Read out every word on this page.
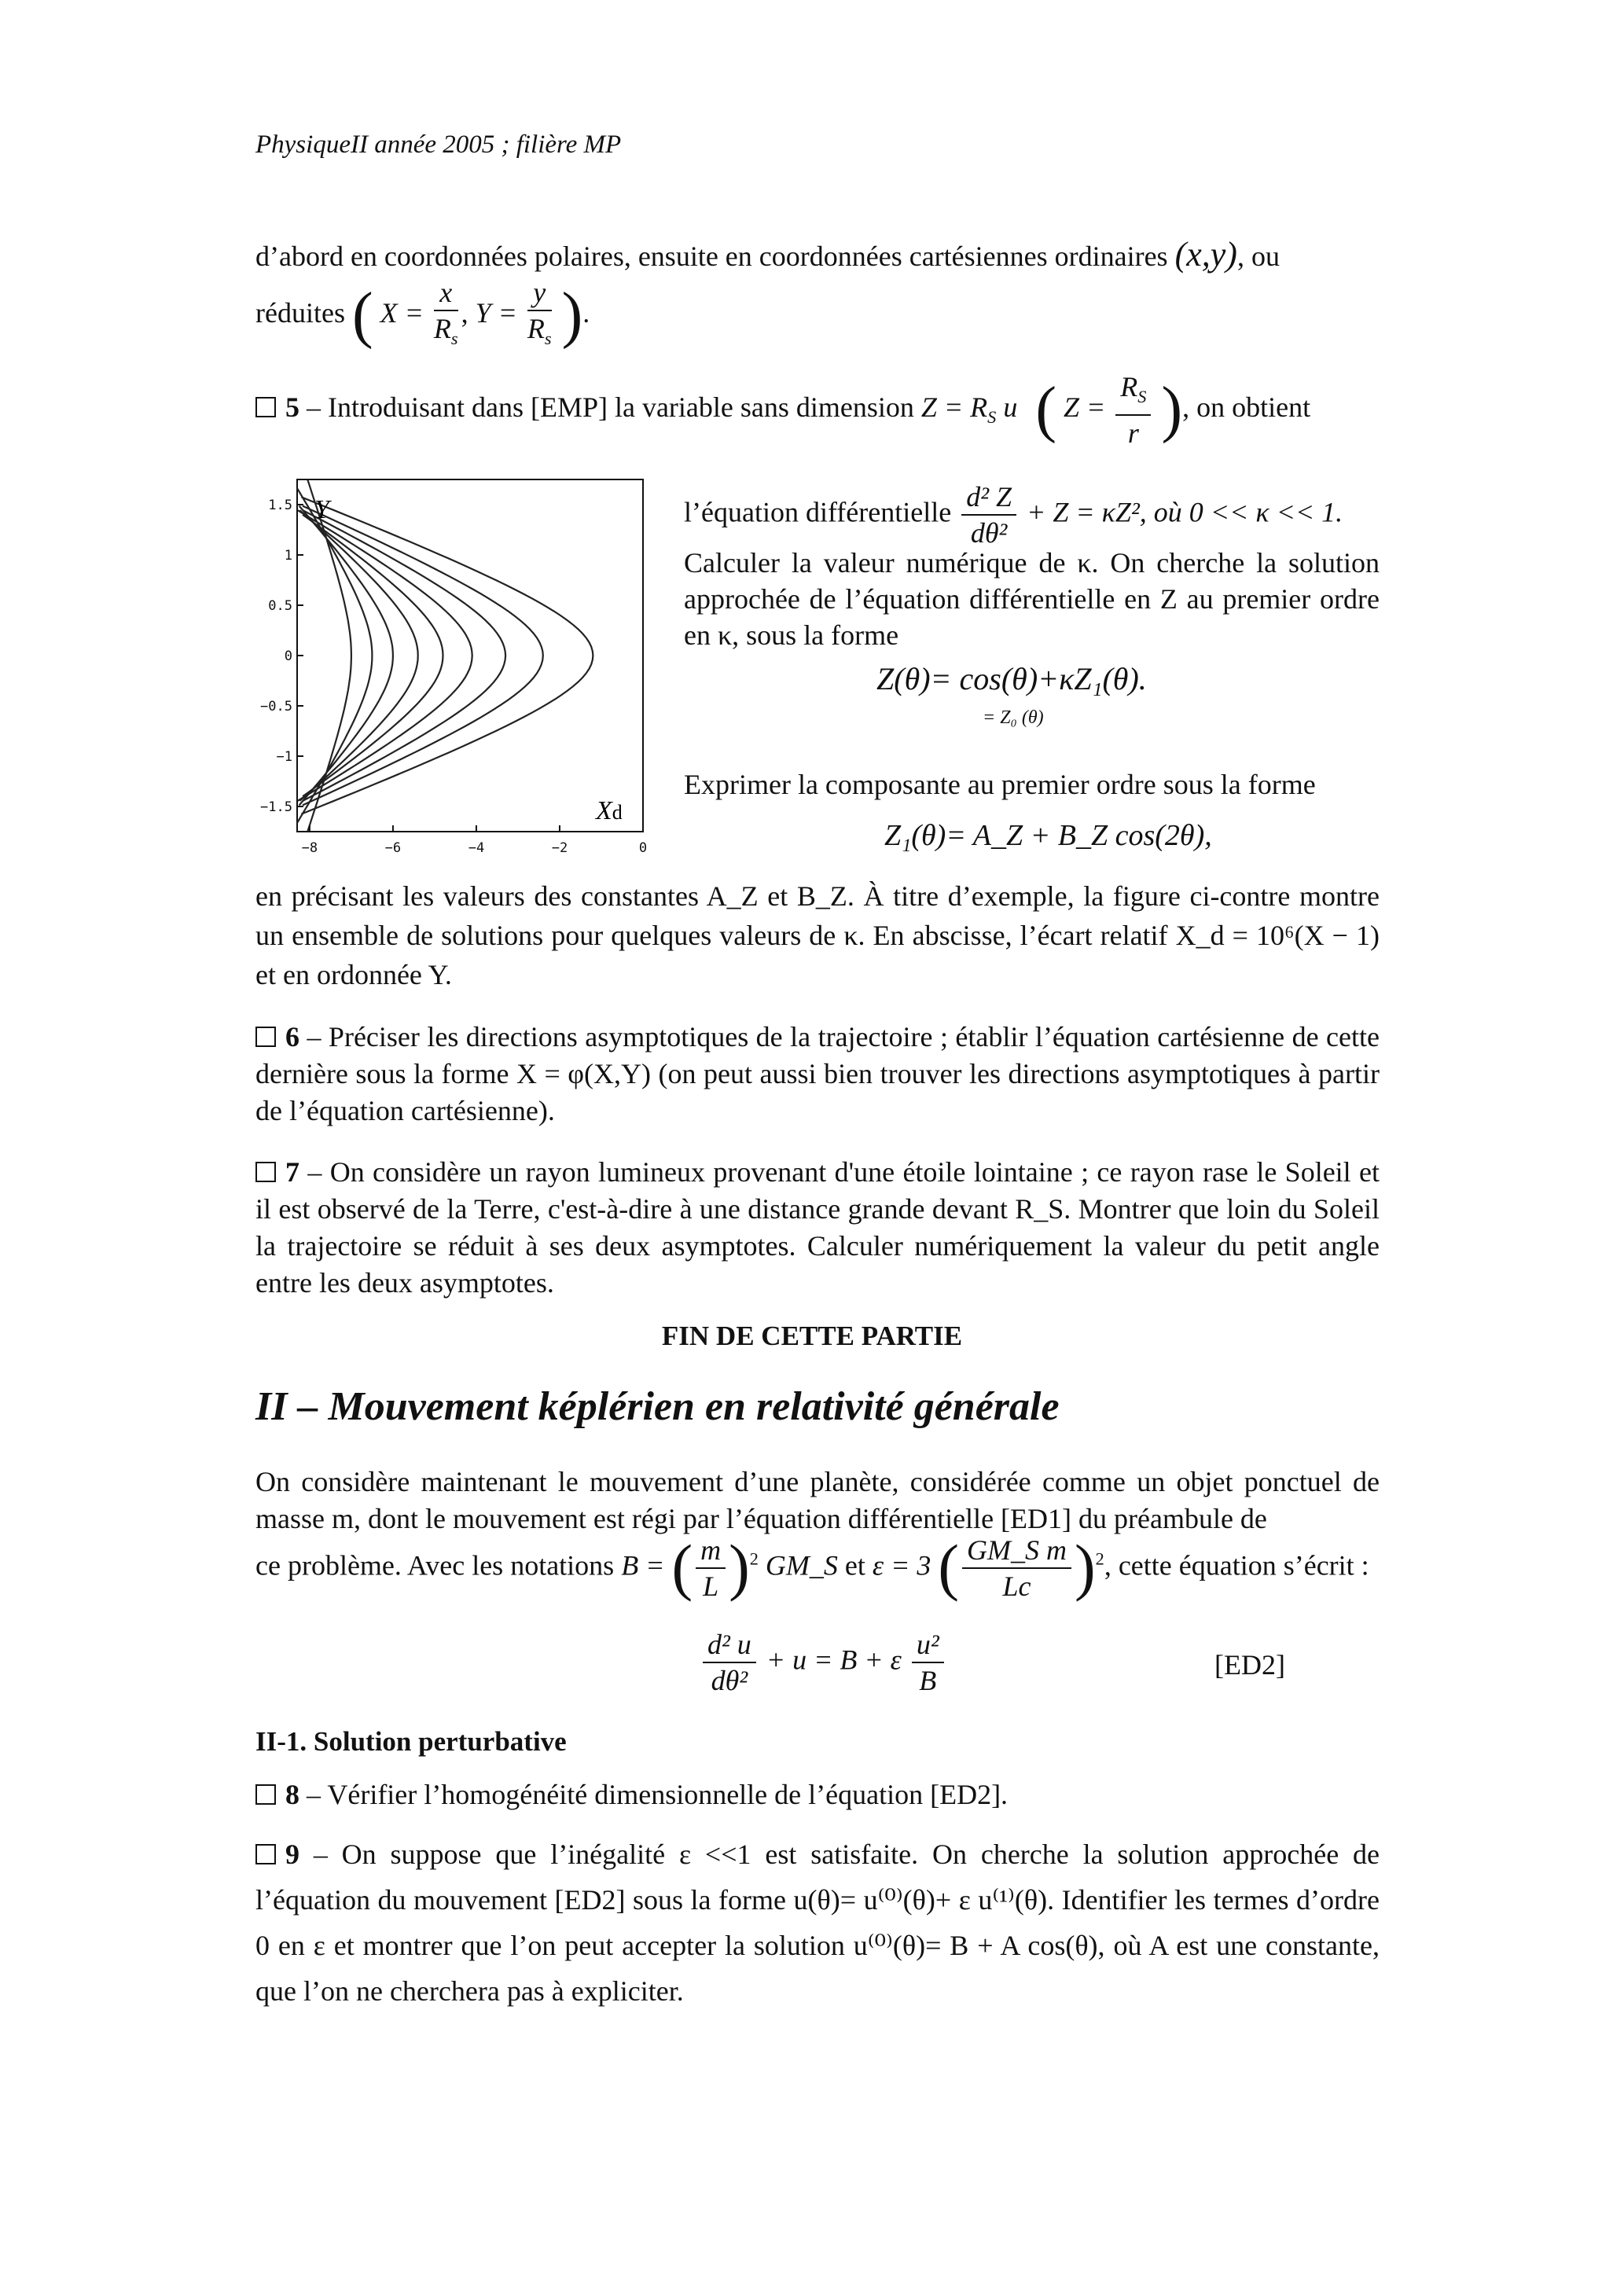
PhysiqueII année 2005 ; filière MP
d’abord en coordonnées polaires, ensuite en coordonnées cartésiennes ordinaires (x,y), ou
réduites ( $X = \frac{x}{R_s}$ , $Y = \frac{y}{R_s}$ ).
5 – Introduisant dans [EMP] la variable sans dimension $Z = R_S$ u ( $Z = \frac{R_S}{r}$ ), on obtient
1.5
1
0.5
0
−0.5
−1
−1.5
−8	−6	−4	−2	0
Y
Xd
l’équation différentielle $\frac{\text{d² Z}}{\text{dθ²}} + Z = \kappa Z^2$, où 0 << κ << 1.
Calculer la valeur numérique de κ. On cherche la solution approchée de l’équation différentielle en Z au premier ordre en κ, sous la forme
Z(θ)= cos(θ)+κZ₁(θ).
= Z₀ (θ)
Exprimer la composante au premier ordre sous la forme
Z₁(θ)= A_Z + B_Z cos(2θ),
en précisant les valeurs des constantes A_Z et B_Z. À titre d’exemple, la figure ci-contre montre un ensemble de solutions pour quelques valeurs de κ. En abscisse, l’écart relatif X_d = 10⁶(X − 1) et en ordonnée Y.
6 – Préciser les directions asymptotiques de la trajectoire ; établir l’équation cartésienne de cette dernière sous la forme X = φ(X,Y) (on peut aussi bien trouver les directions asymptotiques à partir de l’équation cartésienne).
7 – On considère un rayon lumineux provenant d'une étoile lointaine ; ce rayon rase le Soleil et il est observé de la Terre, c'est-à-dire à une distance grande devant R_S. Montrer que loin du Soleil la trajectoire se réduit à ses deux asymptotes. Calculer numériquement la valeur du petit angle entre les deux asymptotes.
FIN DE CETTE PARTIE
II – Mouvement képlérien en relativité générale
On considère maintenant le mouvement d’une planète, considérée comme un objet ponctuel de masse m, dont le mouvement est régi par l’équation différentielle [ED1] du préambule de
ce problème. Avec les notations B = ( $\frac{m}{L} )^2$ GM_S et ε = 3 ( $\frac{\text{GM\_S m}}{Lc} )^2$, cette équation s’écrit :
$\frac{\text{d² u}}{\text{dθ²}} + u = B + \varepsilon \frac{\text{u²}}{B}$	[ED2]
II-1. Solution perturbative
8 – Vérifier l’homogénéité dimensionnelle de l’équation [ED2].
9 – On suppose que l’inégalité ε <<1 est satisfaite. On cherche la solution approchée de l’équation du mouvement [ED2] sous la forme u(θ)= u⁽⁰⁾(θ)+ ε u⁽¹⁾(θ). Identifier les termes d’ordre 0 en ε et montrer que l’on peut accepter la solution u⁽⁰⁾(θ)= B + A cos(θ), où A est une constante, que l’on ne cherchera pas à expliciter.
